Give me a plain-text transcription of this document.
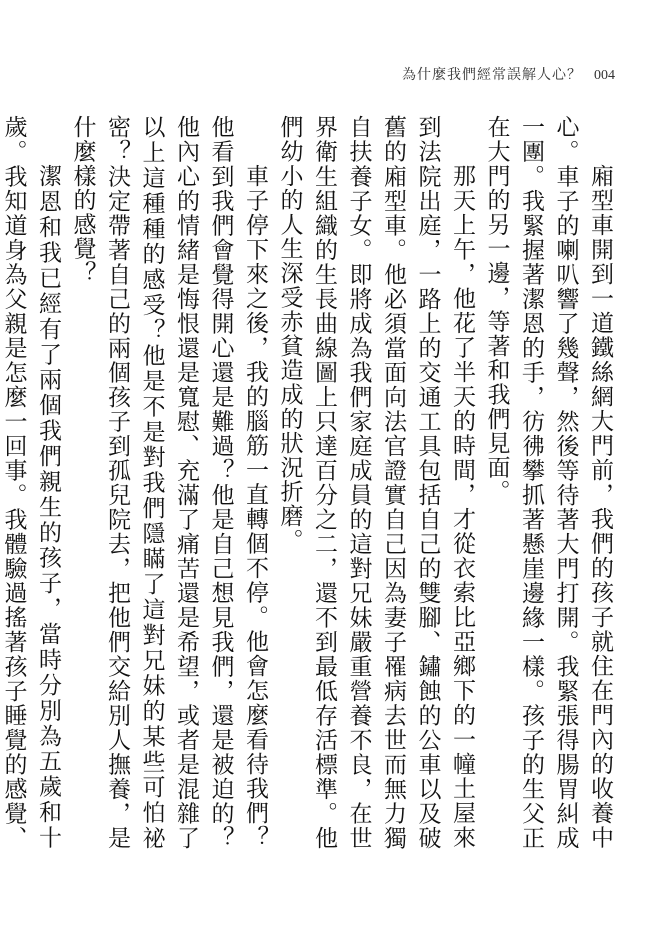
為什麼我們經常誤解人心？ 004

廂型車開到一道鐵絲網大門前，我們的孩子就住在門內的收養中心。車子的喇叭響了幾聲，然後等待著大門打開。我緊張得腸胃糾成一團。我緊握著潔恩的手，彷彿攀抓著懸崖邊緣一樣。孩子的生父正在大門的另一邊，等著和我們見面。

那天上午，他花了半天的時間，才從衣索比亞鄉下的一幢土屋來到法院出庭，一路上的交通工具包括自己的雙腳、鏽蝕的公車以及破舊的廂型車。他必須當面向法官證實自己因為妻子罹病去世而無力獨自扶養子女。即將成為我們家庭成員的這對兄妹嚴重營養不良，在世界衛生組織的生長曲線圖上只達百分之二，還不到最低存活標準。他們幼小的人生深受赤貧造成的狀況折磨。

車子停下來之後，我的腦筋一直轉個不停。他會怎麼看待我們？他看到我們會覺得開心還是難過？他是自己想見我們，還是被迫的？他內心的情緒是悔恨還是寬慰、充滿了痛苦還是希望，或者是混雜了以上這種種的感受？他是不是對我們隱瞞了這對兄妹的某些可怕祕密？決定帶著自己的兩個孩子到孤兒院去，把他們交給別人撫養，是什麼樣的感覺？

潔恩和我已經有了兩個我們親生的孩子，當時分別為五歲和十歲。我知道身為父親是怎麼一回事。我體驗過搖著孩子睡覺的感覺、
